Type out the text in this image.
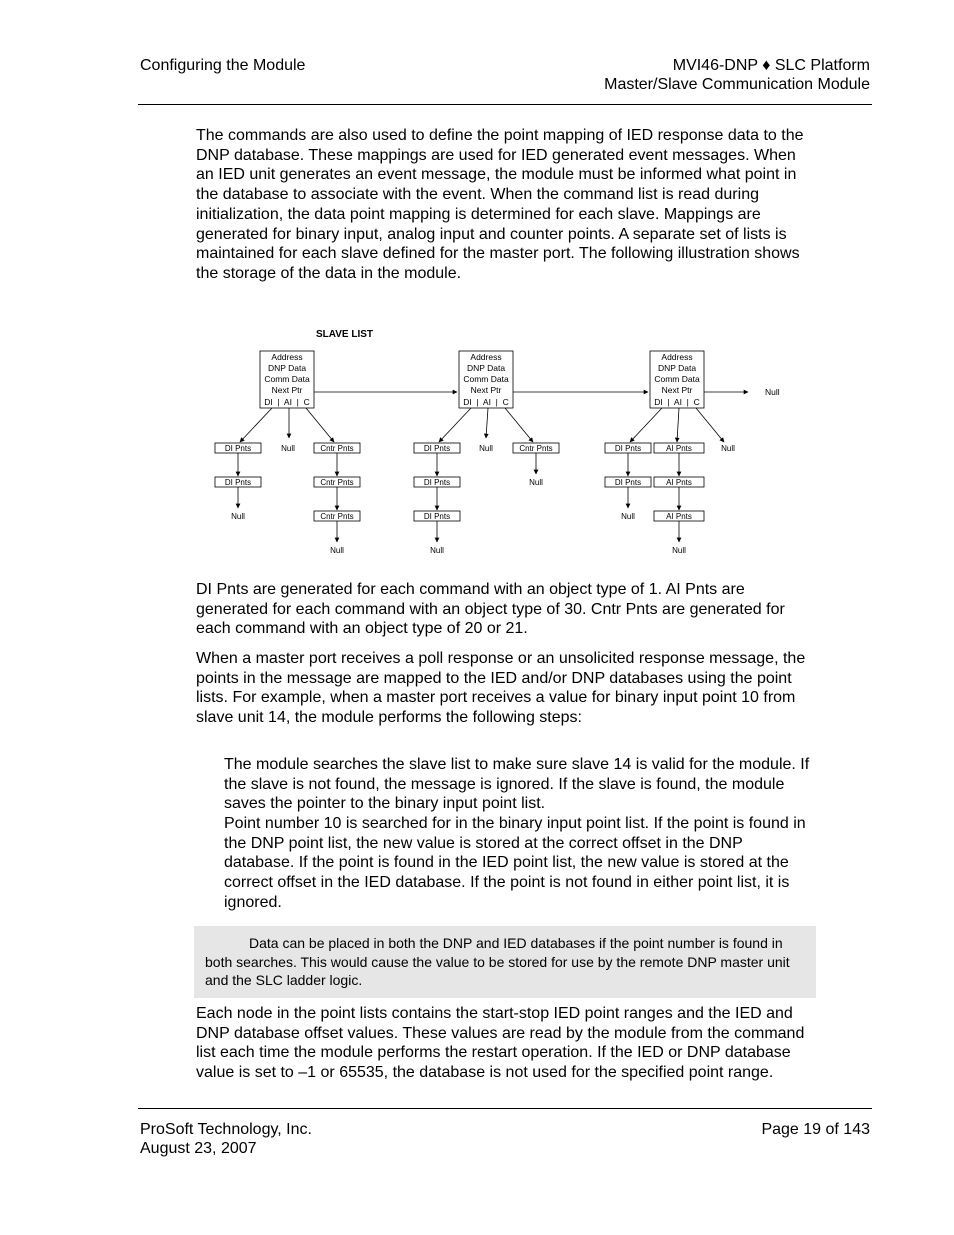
Configuring the Module	MVI46-DNP ♦ SLC Platform
Master/Slave Communication Module

The commands are also used to define the point mapping of IED response data to the DNP database. These mappings are used for IED generated event messages. When an IED unit generates an event message, the module must be informed what point in the database to associate with the event. When the command list is read during initialization, the data point mapping is determined for each slave. Mappings are generated for binary input, analog input and counter points. A separate set of lists is maintained for each slave defined for the master port. The following illustration shows the storage of the data in the module.

SLAVE LIST
Address
DNP Data
Comm Data
Next Ptr
DI  |  AI  |  C
Address
DNP Data
Comm Data
Next Ptr
DI  |  AI  |  C
Address
DNP Data
Comm Data
Next Ptr
DI  |  AI  |  C
Null
DI Pnts
DI Pnts
Null
Null	Cntr Pnts
Cntr Pnts
Cntr Pnts
Null
DI Pnts
DI Pnts
DI Pnts
Null
Null	Cntr Pnts
Null
DI Pnts
DI Pnts
Null
AI Pnts
AI Pnts
AI Pnts
Null
Null

DI Pnts are generated for each command with an object type of 1. AI Pnts are generated for each command with an object type of 30. Cntr Pnts are generated for each command with an object type of 20 or 21.

When a master port receives a poll response or an unsolicited response message, the points in the message are mapped to the IED and/or DNP databases using the point lists. For example, when a master port receives a value for binary input point 10 from slave unit 14, the module performs the following steps:

The module searches the slave list to make sure slave 14 is valid for the module. If the slave is not found, the message is ignored. If the slave is found, the module saves the pointer to the binary input point list.

Point number 10 is searched for in the binary input point list. If the point is found in the DNP point list, the new value is stored at the correct offset in the DNP database. If the point is found in the IED point list, the new value is stored at the correct offset in the IED database. If the point is not found in either point list, it is ignored.

Data can be placed in both the DNP and IED databases if the point number is found in both searches. This would cause the value to be stored for use by the remote DNP master unit and the SLC ladder logic.

Each node in the point lists contains the start-stop IED point ranges and the IED and DNP database offset values. These values are read by the module from the command list each time the module performs the restart operation. If the IED or DNP database value is set to –1 or 65535, the database is not used for the specified point range.

ProSoft Technology, Inc.
August 23, 2007
Page 19 of 143
